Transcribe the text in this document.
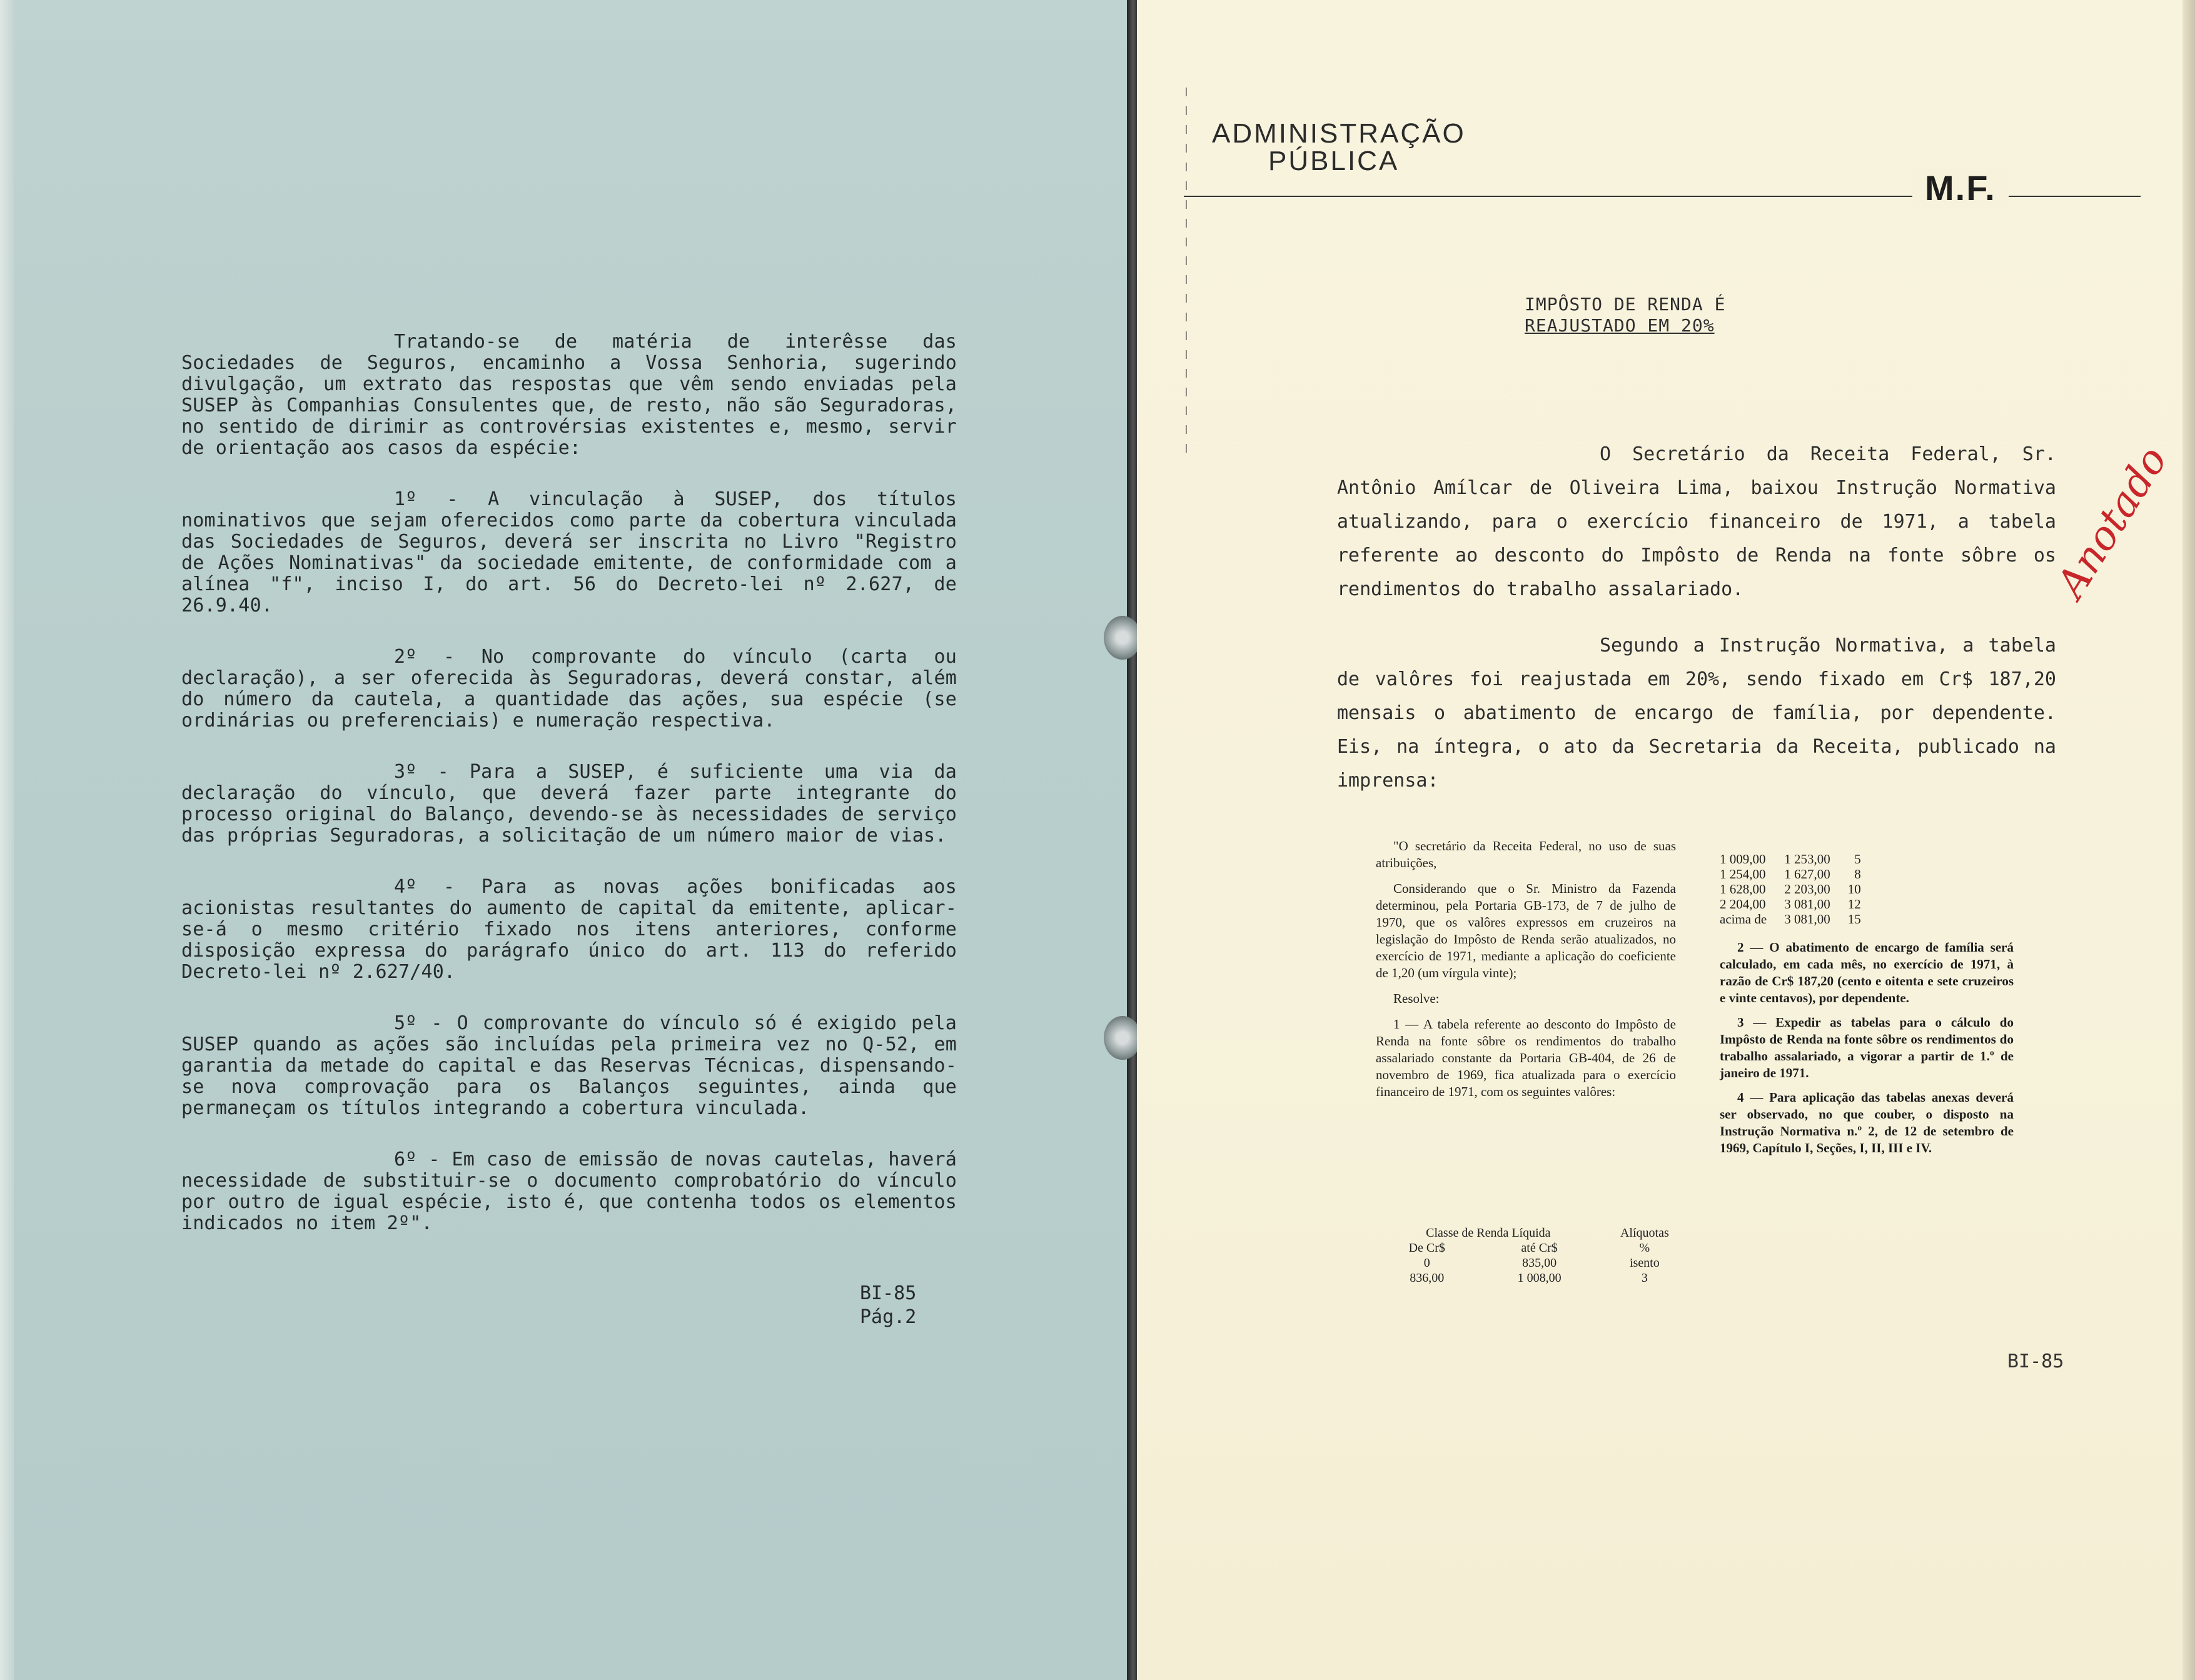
Tratando-se de matéria de interêsse das Sociedades de Seguros, encaminho a Vossa Senhoria, sugerindo divulgação, um extrato das respostas que vêm sendo enviadas pela SUSEP às Companhias Consulentes que, de resto, não são Seguradoras, no sentido de dirimir as controvérsias existentes e, mesmo, servir de orientação aos casos da espécie:

1º - A vinculação à SUSEP, dos títulos nominativos que sejam oferecidos como parte da cobertura vinculada das Sociedades de Seguros, deverá ser inscrita no Livro "Registro de Ações Nominativas" da sociedade emitente, de conformidade com a alínea "f", inciso I, do art. 56 do Decreto-lei nº 2.627, de 26.9.40.

2º - No comprovante do vínculo (carta ou declaração), a ser oferecida às Seguradoras, deverá constar, além do número da cautela, a quantidade das ações, sua espécie (se ordinárias ou preferenciais) e numeração respectiva.

3º - Para a SUSEP, é suficiente uma via da declaração do vínculo, que deverá fazer parte integrante do processo original do Balanço, devendo-se às necessidades de serviço das próprias Seguradoras, a solicitação de um número maior de vias.

4º - Para as novas ações bonificadas aos acionistas resultantes do aumento de capital da emitente, aplicar-se-á o mesmo critério fixado nos itens anteriores, conforme disposição expressa do parágrafo único do art. 113 do referido Decreto-lei nº 2.627/40.

5º - O comprovante do vínculo só é exigido pela SUSEP quando as ações são incluídas pela primeira vez no Q-52, em garantia da metade do capital e das Reservas Técnicas, dispensando-se nova comprovação para os Balanços seguintes, ainda que permaneçam os títulos integrando a cobertura vinculada.

6º - Em caso de emissão de novas cautelas, haverá necessidade de substituir-se o documento comprobatório do vínculo por outro de igual espécie, isto é, que contenha todos os elementos indicados no item 2º".

BI-85
Pág.2
ADMINISTRAÇÃO
PÚBLICA
M.F.
IMPÔSTO DE RENDA É
REAJUSTADO EM 20%

O Secretário da Receita Federal, Sr. Antônio Amílcar de Oliveira Lima, baixou Instrução Normativa atualizando, para o exercício financeiro de 1971, a tabela referente ao desconto do Impôsto de Renda na fonte sôbre os rendimentos do trabalho assalariado.

Segundo a Instrução Normativa, a tabela de valôres foi reajustada em 20%, sendo fixado em Cr$ 187,20 mensais o abatimento de encargo de família, por dependente. Eis, na íntegra, o ato da Secretaria da Receita, publicado na imprensa:

Anotado

"O secretário da Receita Federal, no uso de suas atribuições,

Considerando que o Sr. Ministro da Fazenda determinou, pela Portaria GB-173, de 7 de julho de 1970, que os valôres expressos em cruzeiros na legislação do Impôsto de Renda serão atualizados, no exercício de 1971, mediante a aplicação do coeficiente de 1,20 (um vírgula vinte);

Resolve:

1 — A tabela referente ao desconto do Impôsto de Renda na fonte sôbre os rendimentos do trabalho assalariado constante da Portaria GB-404, de 26 de novembro de 1969, fica atualizada para o exercício financeiro de 1971, com os seguintes valôres:

Classe de Renda Líquida		Alíquotas
De Cr$	até Cr$	%
0	835,00	isento
836,00	1 008,00	3
1 009,00	1 253,00	5
1 254,00	1 627,00	8
1 628,00	2 203,00	10
2 204,00	3 081,00	12
acima de	3 081,00	15

2 — O abatimento de encargo de família será calculado, em cada mês, no exercício de 1971, à razão de Cr$ 187,20 (cento e oitenta e sete cruzeiros e vinte centavos), por dependente.

3 — Expedir as tabelas para o cálculo do Impôsto de Renda na fonte sôbre os rendimentos do trabalho assalariado, a vigorar a partir de 1.º de janeiro de 1971.

4 — Para aplicação das tabelas anexas deverá ser observado, no que couber, o disposto na Instrução Normativa n.º 2, de 12 de setembro de 1969, Capítulo I, Seções, I, II, III e IV.

BI-85
